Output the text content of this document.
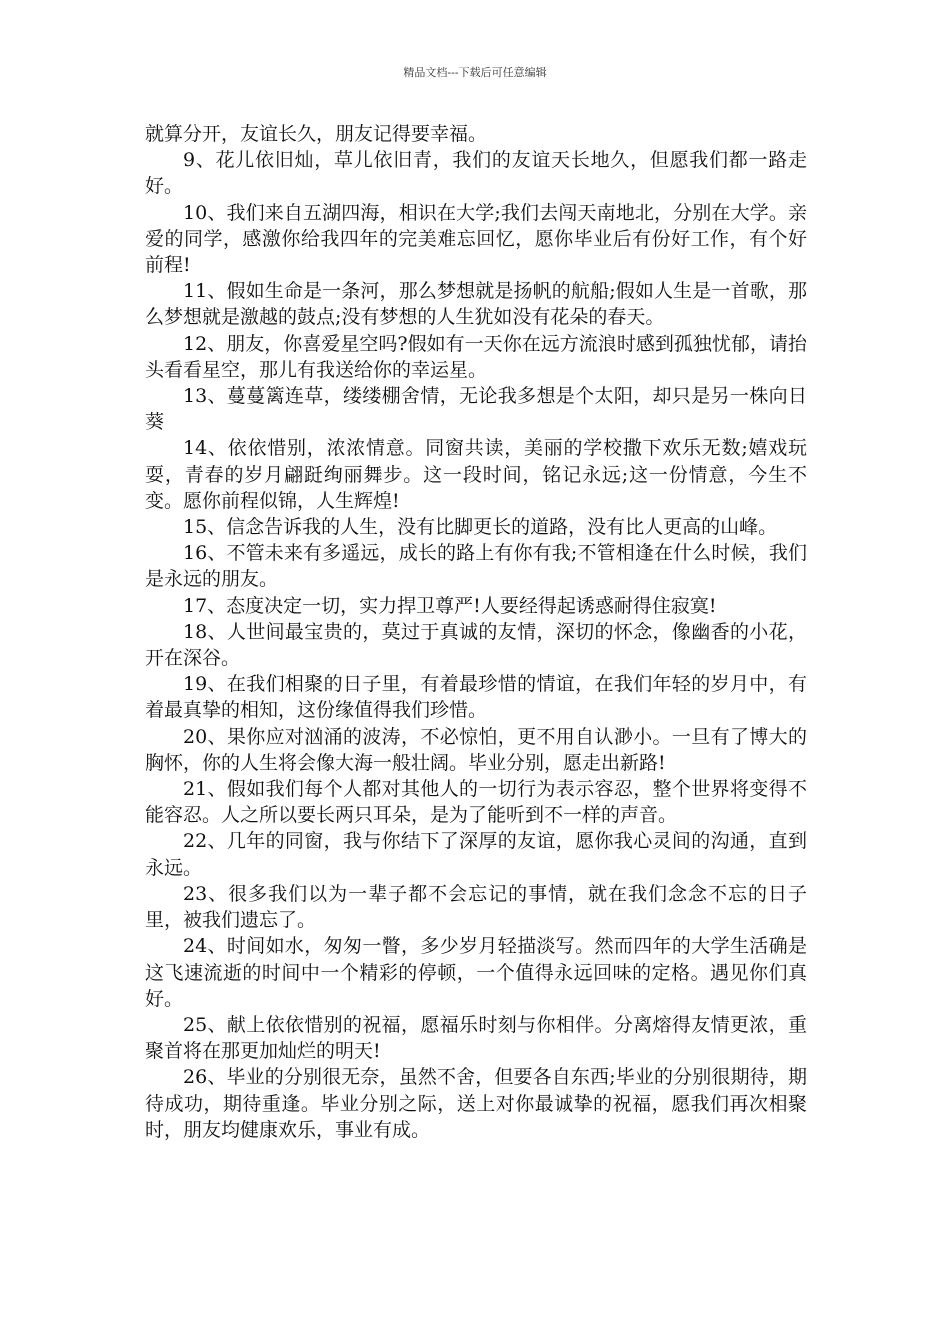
精品文档---下载后可任意编辑

就算分开，友谊长久，朋友记得要幸福。

9、花儿依旧灿，草儿依旧青，我们的友谊天长地久，但愿我们都一路走好。

10、我们来自五湖四海，相识在大学;我们去闯天南地北，分别在大学。亲爱的同学，感激你给我四年的完美难忘回忆，愿你毕业后有份好工作，有个好前程!

11、假如生命是一条河，那么梦想就是扬帆的航船;假如人生是一首歌，那么梦想就是激越的鼓点;没有梦想的人生犹如没有花朵的春天。

12、朋友，你喜爱星空吗?假如有一天你在远方流浪时感到孤独忧郁，请抬头看看星空，那儿有我送给你的幸运星。

13、蔓蔓篱连草，缕缕棚舍情，无论我多想是个太阳，却只是另一株向日葵

14、依依惜别，浓浓情意。同窗共读，美丽的学校撒下欢乐无数;嬉戏玩耍，青春的岁月翩跹绚丽舞步。这一段时间，铭记永远;这一份情意，今生不变。愿你前程似锦，人生辉煌!

15、信念告诉我的人生，没有比脚更长的道路，没有比人更高的山峰。

16、不管未来有多遥远，成长的路上有你有我;不管相逢在什么时候，我们是永远的朋友。

17、态度决定一切，实力捍卫尊严!人要经得起诱惑耐得住寂寞!

18、人世间最宝贵的，莫过于真诚的友情，深切的怀念，像幽香的小花，开在深谷。

19、在我们相聚的日子里，有着最珍惜的情谊，在我们年轻的岁月中，有着最真挚的相知，这份缘值得我们珍惜。

20、果你应对汹涌的波涛，不必惊怕，更不用自认渺小。一旦有了博大的胸怀，你的人生将会像大海一般壮阔。毕业分别，愿走出新路!

21、假如我们每个人都对其他人的一切行为表示容忍，整个世界将变得不能容忍。人之所以要长两只耳朵，是为了能听到不一样的声音。

22、几年的同窗，我与你结下了深厚的友谊，愿你我心灵间的沟通，直到永远。

23、很多我们以为一辈子都不会忘记的事情，就在我们念念不忘的日子里，被我们遗忘了。

24、时间如水，匆匆一瞥，多少岁月轻描淡写。然而四年的大学生活确是这飞速流逝的时间中一个精彩的停顿，一个值得永远回味的定格。遇见你们真好。

25、献上依依惜别的祝福，愿福乐时刻与你相伴。分离熔得友情更浓，重聚首将在那更加灿烂的明天!

26、毕业的分别很无奈，虽然不舍，但要各自东西;毕业的分别很期待，期待成功，期待重逢。毕业分别之际，送上对你最诚挚的祝福，愿我们再次相聚时，朋友均健康欢乐，事业有成。
